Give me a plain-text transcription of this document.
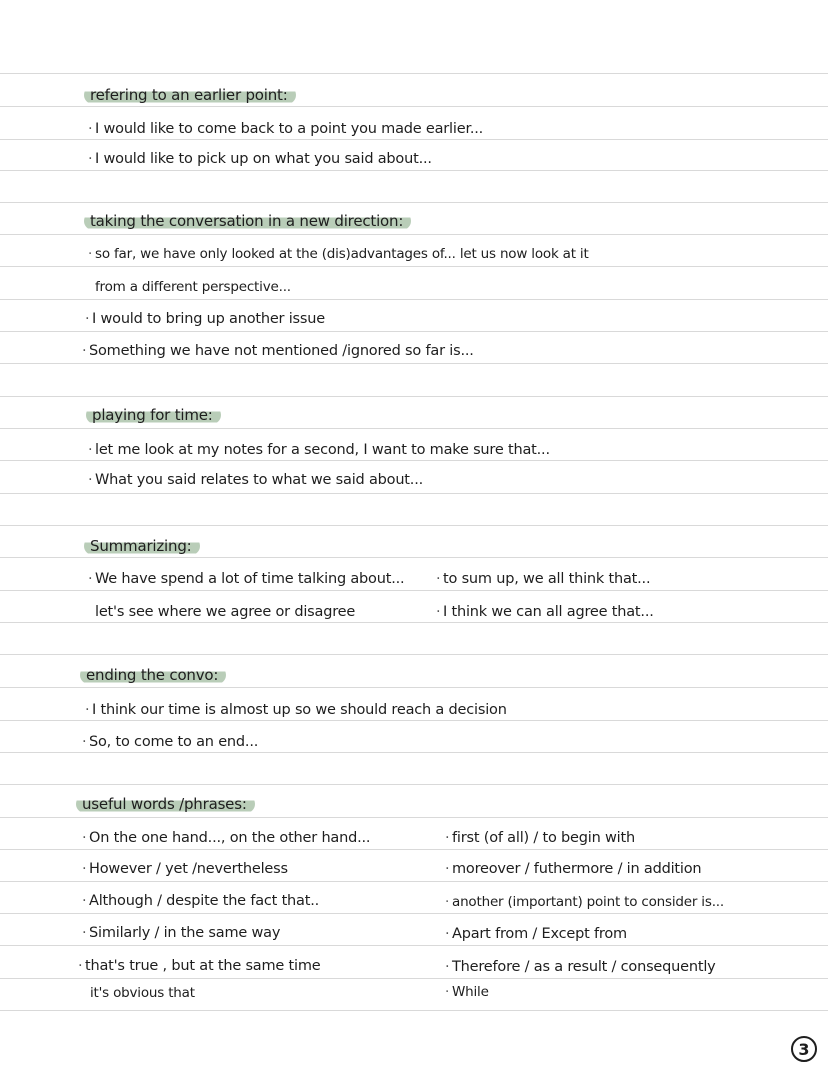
refering to an earlier point:
· I would like to come back to a point you made earlier...
· I would like to pick up on what you said about...
taking the conversation in a new direction:
· so far, we have only looked at the (dis)advantages of... let us now look at it
from a different perspective...
· I would to bring up another issue
· Something we have not mentioned /ignored so far is...
playing for time:
· let me look at my notes for a second, I want to make sure that...
· What you said relates to what we said about...
Summarizing:
· We have spend a lot of time talking about...
let's see where we agree or disagree
· to sum up, we all think that...
· I think we can all agree that...
ending the convo:
· I think our time is almost up so we should reach a decision
· So, to come to an end...
useful words /phrases:
· On the one hand..., on the other hand...
· However / yet /nevertheless
· Although / despite the fact that..
· Similarly / in the same way
· that's true , but at the same time
it's obvious that
· first (of all) / to begin with
· moreover / futhermore / in addition
· another (important) point to consider is...
· Apart from / Except from
· Therefore / as a result / consequently
· While
3
